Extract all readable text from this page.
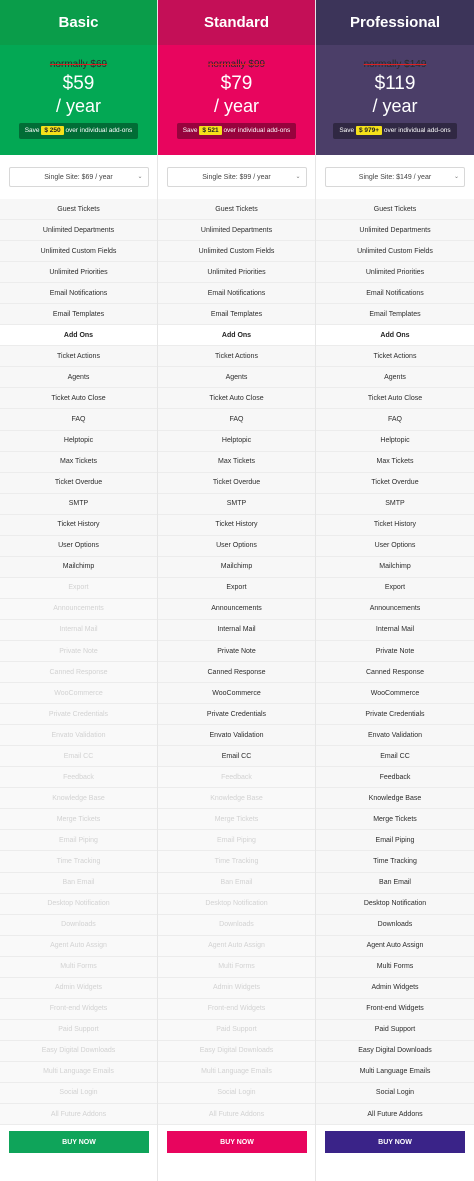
Basic
normally $69
$59
/ year
Save $ 250 over individual add-ons
Single Site: $69 / year	⌄
Guest Tickets
Unlimited Departments
Unlimited Custom Fields
Unlimited Priorities
Email Notifications
Email Templates
Add Ons
Ticket Actions
Agents
Ticket Auto Close
FAQ
Helptopic
Max Tickets
Ticket Overdue
SMTP
Ticket History
User Options
Mailchimp
Export
Announcements
Internal Mail
Private Note
Canned Response
WooCommerce
Private Credentials
Envato Validation
Email CC
Feedback
Knowledge Base
Merge Tickets
Email Piping
Time Tracking
Ban Email
Desktop Notification
Downloads
Agent Auto Assign
Multi Forms
Admin Widgets
Front-end Widgets
Paid Support
Easy Digital Downloads
Multi Language Emails
Social Login
All Future Addons
BUY NOW
Standard
normally $99
$79
/ year
Save $ 521 over individual add-ons
Single Site: $99 / year	⌄
Guest Tickets
Unlimited Departments
Unlimited Custom Fields
Unlimited Priorities
Email Notifications
Email Templates
Add Ons
Ticket Actions
Agents
Ticket Auto Close
FAQ
Helptopic
Max Tickets
Ticket Overdue
SMTP
Ticket History
User Options
Mailchimp
Export
Announcements
Internal Mail
Private Note
Canned Response
WooCommerce
Private Credentials
Envato Validation
Email CC
Feedback
Knowledge Base
Merge Tickets
Email Piping
Time Tracking
Ban Email
Desktop Notification
Downloads
Agent Auto Assign
Multi Forms
Admin Widgets
Front-end Widgets
Paid Support
Easy Digital Downloads
Multi Language Emails
Social Login
All Future Addons
BUY NOW
Professional
normally $149
$119
/ year
Save $ 979+ over individual add-ons
Single Site: $149 / year	⌄
Guest Tickets
Unlimited Departments
Unlimited Custom Fields
Unlimited Priorities
Email Notifications
Email Templates
Add Ons
Ticket Actions
Agents
Ticket Auto Close
FAQ
Helptopic
Max Tickets
Ticket Overdue
SMTP
Ticket History
User Options
Mailchimp
Export
Announcements
Internal Mail
Private Note
Canned Response
WooCommerce
Private Credentials
Envato Validation
Email CC
Feedback
Knowledge Base
Merge Tickets
Email Piping
Time Tracking
Ban Email
Desktop Notification
Downloads
Agent Auto Assign
Multi Forms
Admin Widgets
Front-end Widgets
Paid Support
Easy Digital Downloads
Multi Language Emails
Social Login
All Future Addons
BUY NOW
